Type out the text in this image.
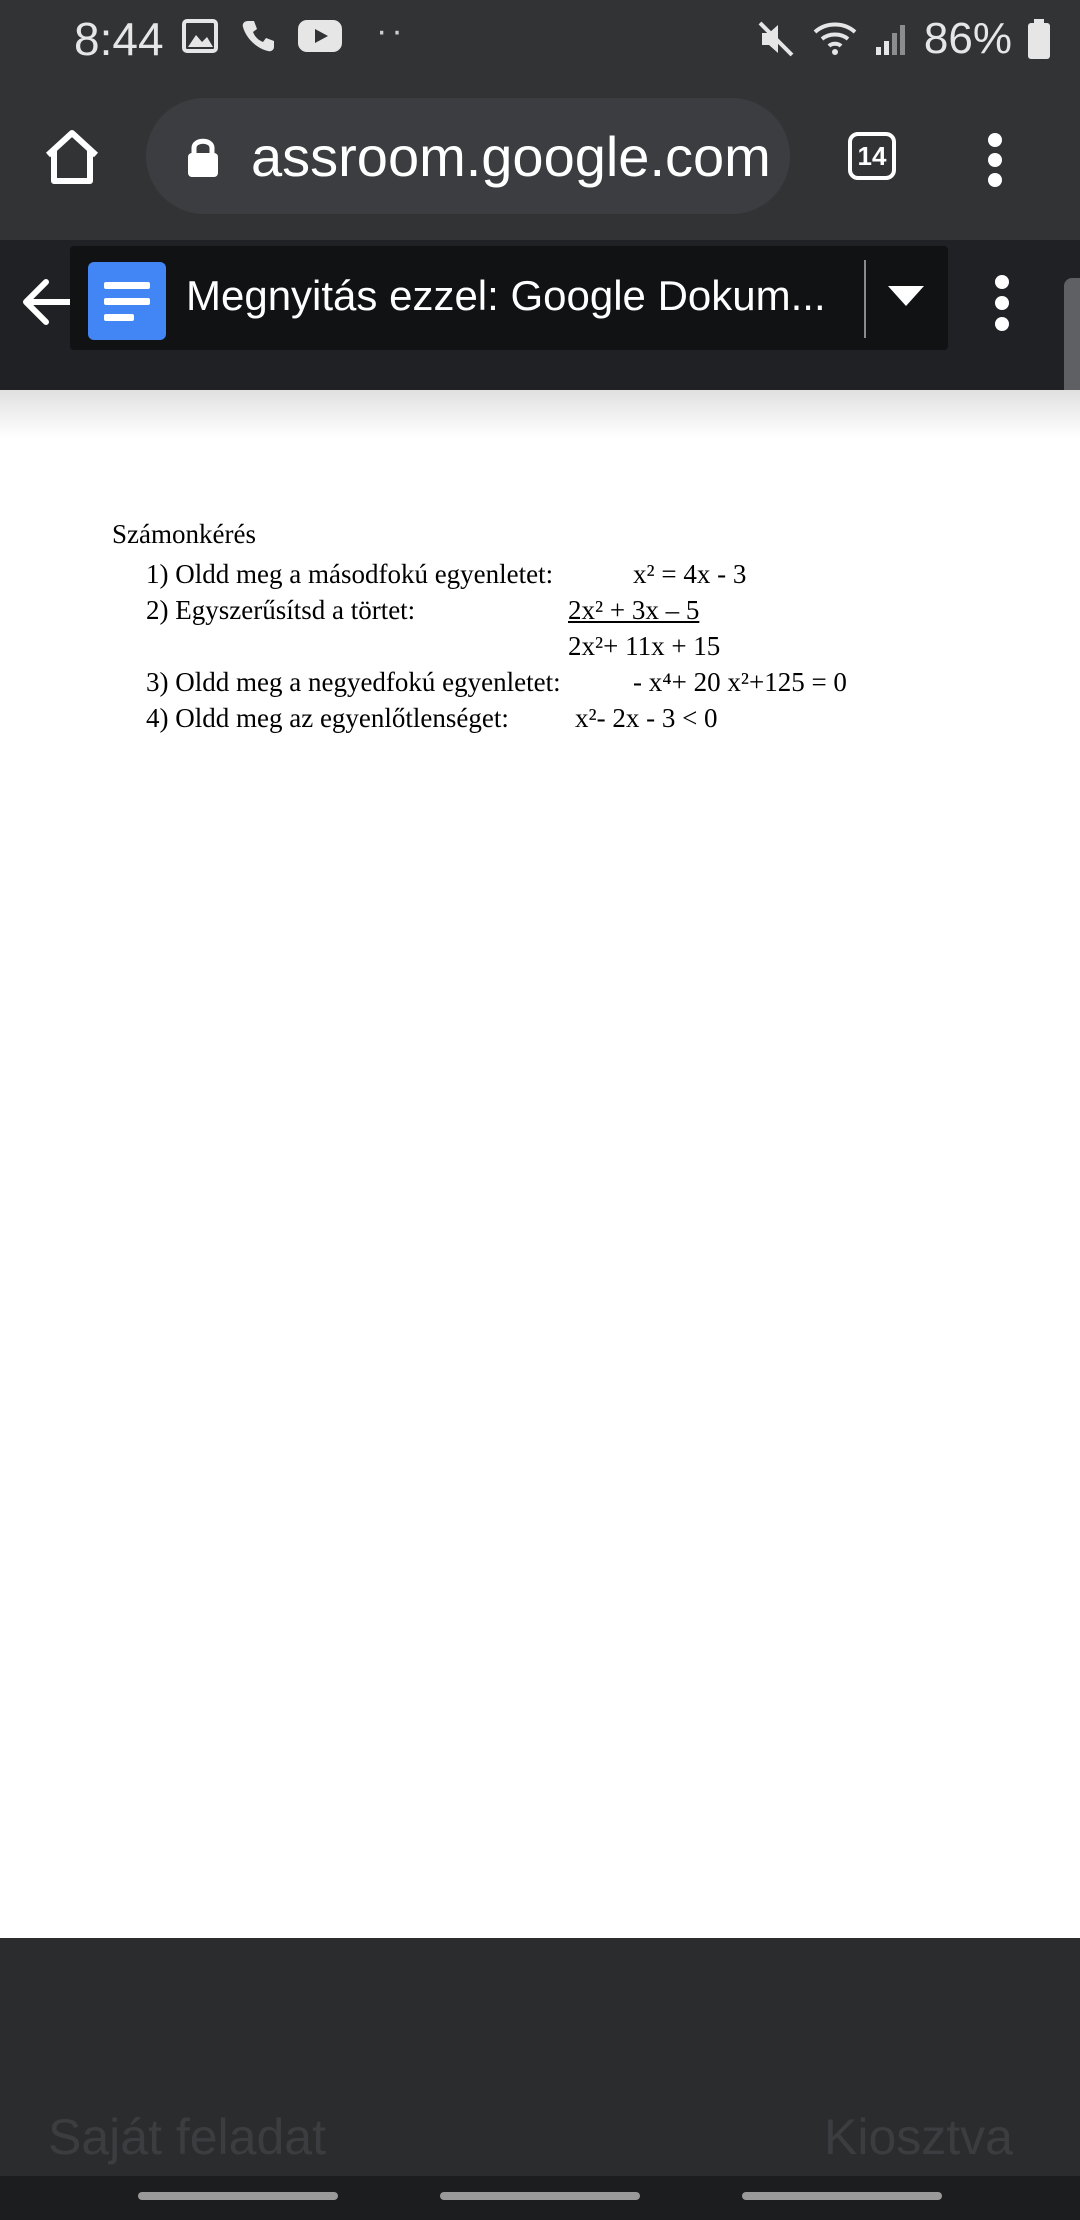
8:44	··	86%
assroom.google.com	14
Megnyitás ezzel: Google Dokum...
Számonkérés
1) Oldd meg a másodfokú egyenletet:	x² = 4x - 3
2) Egyszerűsítsd a törtet:	2x² + 3x – 5
2x²+ 11x + 15
3) Oldd meg a negyedfokú egyenletet:	- x⁴+ 20 x²+125 = 0
4) Oldd meg az egyenlőtlenséget: x²- 2x - 3 < 0
Saját feladat	Kiosztva
